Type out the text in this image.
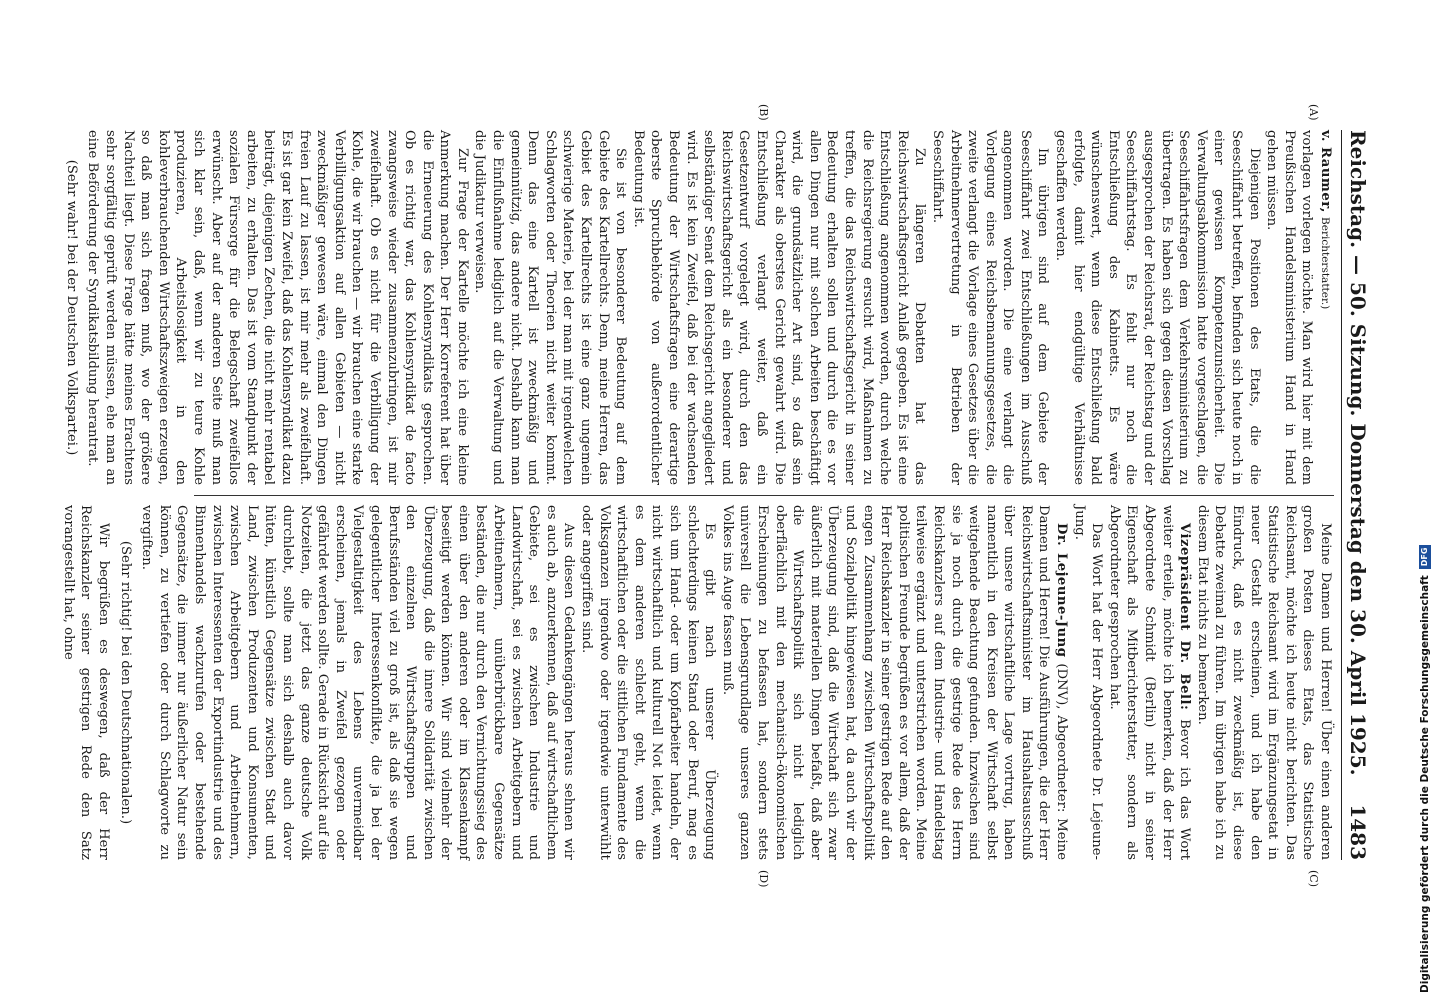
Reichstag. — 50. Sitzung. Donnerstag den 30. April 1925.
1483
(A)
(B)
(C)
(D)

v. Raumer, Berichterstatter.)

vorlagen vorlegen möchte. Man wird hier mit dem Preußischen Handelsministerium Hand in Hand gehen müssen.

Diejenigen Positionen des Etats, die die Seeschiffahrt betreffen, befinden sich heute noch in einer gewissen Kompetenzunsicherheit. Die Verwaltungsabkommission hatte vorgeschlagen, die Seeschiffahrtsfragen dem Verkehrsministerium zu übertragen. Es haben sich gegen diesen Vorschlag ausgesprochen der Reichsrat, der Reichstag und der Seeschiffahrtstag. Es fehlt nur noch die Entschließung des Kabinetts. Es wäre wünschenswert, wenn diese Entschließung bald erfolgte, damit hier endgültige Verhältnisse geschaffen werden.

Im übrigen sind auf dem Gebiete der Seeschiffahrt zwei Entschließungen im Ausschuß angenommen worden. Die eine verlangt die Vorlegung eines Reichsbemannungsgesetzes, die zweite verlangt die Vorlage eines Gesetzes über die Arbeitnehmervertretung in Betrieben der Seeschiffahrt.

Zu längeren Debatten hat das Reichswirtschaftsgericht Anlaß gegeben. Es ist eine Entschließung angenommen worden, durch welche die Reichsregierung ersucht wird, Maßnahmen zu treffen, die das Reichswirtschaftsgericht in seiner Bedeutung erhalten sollen und durch die es vor allen Dingen nur mit solchen Arbeiten beschäftigt wird, die grundsätzlicher Art sind, so daß sein Charakter als oberstes Gericht gewahrt wird. Die Entschließung verlangt weiter, daß ein Gesetzentwurf vorgelegt wird, durch den das Reichswirtschaftsgericht als ein besonderer und selbständiger Senat dem Reichsgericht angegliedert wird. Es ist kein Zweifel, daß bei der wachsenden Bedeutung der Wirtschaftsfragen eine derartige oberste Spruchbehörde von außerordentlicher Bedeutung ist.

Sie ist von besonderer Bedeutung auf dem Gebiete des Kartellrechts. Denn, meine Herren, das Gebiet des Kartellrechts ist eine ganz ungemein schwierige Materie, bei der man mit irgendwelchen Schlagworten oder Theorien nicht weiter kommt. Denn das eine Kartell ist zweckmäßig und gemeinnützig, das andere nicht. Deshalb kann man die Einflußnahme lediglich auf die Verwaltung und die Judikatur verweisen.

Zur Frage der Kartelle möchte ich eine kleine Anmerkung machen. Der Herr Korreferent hat über die Erneuerung des Kohlensyndikats gesprochen. Ob es richtig war, das Kohlensyndikat de facto zwangsweise wieder zusammenzubringen, ist mir zweifelhaft. Ob es nicht für die Verbilligung der Kohle, die wir brauchen — wir brauchen eine starke Verbilligungsaktion auf allen Gebieten — nicht zweckmäßiger gewesen wäre, einmal den Dingen freien Lauf zu lassen, ist mir mehr als zweifelhaft. Es ist gar kein Zweifel, daß das Kohlensyndikat dazu beiträgt, diejenigen Zechen, die nicht mehr rentabel arbeiten, zu erhalten. Das ist vom Standpunkt der sozialen Fürsorge für die Belegschaft zweifellos erwünscht. Aber auf der anderen Seite muß man sich klar sein, daß, wenn wir zu teure Kohle produzieren, Arbeitslosigkeit in den kohleverbrauchenden Wirtschaftszweigen erzeugen, so daß man sich fragen muß, wo der größere Nachteil liegt. Diese Frage hätte meines Erachtens sehr sorgfältig geprüft werden müssen, ehe man an eine Beförderung der Syndikatsbildung herantrat.

(Sehr wahr! bei der Deutschen Volkspartei.)

Meine Damen und Herren! Über einen anderen großen Posten dieses Etats, das Statistische Reichsamt, möchte ich heute nicht berichten. Das Statistische Reichsamt wird im Ergänzungsetat in neuer Gestalt erscheinen, und ich habe den Eindruck, daß es nicht zweckmäßig ist, diese Debatte zweimal zu führen. Im übrigen habe ich zu diesem Etat nichts zu bemerken.

Vizepräsident Dr. Bell: Bevor ich das Wort weiter erteile, möchte ich bemerken, daß der Herr Abgeordnete Schmidt (Berlin) nicht in seiner Eigenschaft als Mitberichterstatter, sondern als Abgeordneter gesprochen hat.

Das Wort hat der Herr Abgeordnete Dr. Lejeune-Jung.

Dr. Lejeune-Jung (DNV), Abgeordneter: Meine Damen und Herren! Die Ausführungen, die der Herr Reichswirtschaftsminister im Haushaltsausschuß über unsere wirtschaftliche Lage vortrug, haben namentlich in den Kreisen der Wirtschaft selbst weitgehende Beachtung gefunden. Inzwischen sind sie ja noch durch die gestrige Rede des Herrn Reichskanzlers auf dem Industrie- und Handelstag teilweise ergänzt und unterstrichen worden. Meine politischen Freunde begrüßen es vor allem, daß der Herr Reichskanzler in seiner gestrigen Rede auf den engen Zusammenhang zwischen Wirtschaftspolitik und Sozialpolitik hingewiesen hat, da auch wir der Überzeugung sind, daß die Wirtschaft sich zwar äußerlich mit materiellen Dingen befaßt, daß aber die Wirtschaftspolitik sich nicht lediglich oberflächlich mit den mechanisch-ökonomischen Erscheinungen zu befassen hat, sondern stets universell die Lebensgrundlage unseres ganzen Volkes ins Auge fassen muß.

Es gibt nach unserer Überzeugung schlechterdings keinen Stand oder Beruf, mag es sich um Hand- oder um Kopfarbeiter handeln, der nicht wirtschaftlich und kulturell Not leidet, wenn es dem anderen schlecht geht, wenn die wirtschaftlichen oder die sittlichen Fundamente des Volksganzen irgendwo oder irgendwie unterwühlt oder angegriffen sind.

Aus diesen Gedankengängen heraus sehnen wir es auch ab, anzuerkennen, daß auf wirtschaftlichem Gebiete, sei es zwischen Industrie und Landwirtschaft, sei es zwischen Arbeitgebern und Arbeitnehmern, unüberbrückbare Gegensätze beständen, die nur durch den Vernichtungssieg des einen über den anderen oder im Klassenkampf beseitigt werden können. Wir sind vielmehr der Überzeugung, daß die innere Solidarität zwischen den einzelnen Wirtschaftsgruppen und Berufsständen viel zu groß ist, als daß sie wegen gelegentlicher Interessenkonflikte, die ja bei der Vielgestaltigkeit des Lebens unvermeidbar erscheinen, jemals in Zweifel gezogen oder gefährdet werden sollte. Gerade in Rücksicht auf die Notzeiten, die jetzt das ganze deutsche Volk durchlebt, sollte man sich deshalb auch davor hüten, künstlich Gegensätze zwischen Stadt und Land, zwischen Produzenten und Konsumenten, zwischen Arbeitgebern und Arbeitnehmern, zwischen Interessenten der Exportindustrie und des Binnenhandels wachzurufen oder bestehende Gegensätze, die immer nur äußerlicher Natur sein können, zu vertiefen oder durch Schlagworte zu vergiften.

(Sehr richtig! bei den Deutschnationalen.)

Wir begrüßen es deswegen, daß der Herr Reichskanzler seiner gestrigen Rede den Satz vorangestellt hat, ohne	Digitalisierung gefördert durch die Deutsche Forschungsgemeinschaft
DFG
